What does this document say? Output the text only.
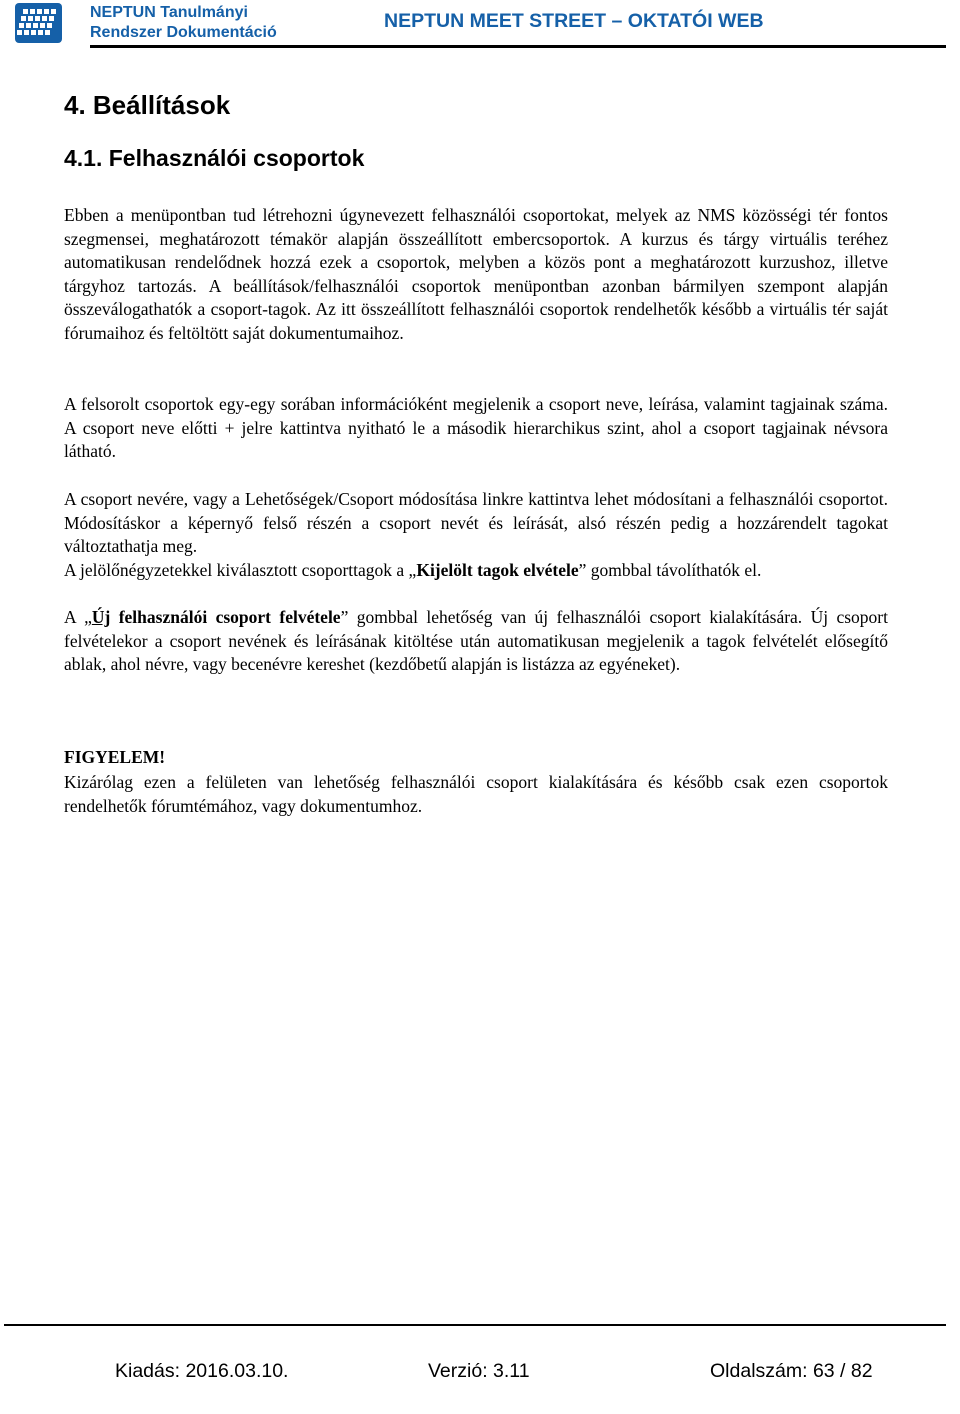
NEPTUN Tanulmányi
Rendszer Dokumentáció
NEPTUN MEET STREET – OKTATÓI WEB
4. Beállítások
4.1. Felhasználói csoportok

Ebben a menüpontban tud létrehozni úgynevezett felhasználói csoportokat, melyek az NMS közösségi tér fontos szegmensei, meghatározott témakör alapján összeállított embercsoportok. A kurzus és tárgy virtuális teréhez automatikusan rendelődnek hozzá ezek a csoportok, melyben a közös pont a meghatározott kurzushoz, illetve tárgyhoz tartozás. A beállítások/felhasználói csoportok menüpontban azonban bármilyen szempont alapján összeválogathatók a csoport-tagok. Az itt összeállított felhasználói csoportok rendelhetők később a virtuális tér saját fórumaihoz és feltöltött saját dokumentumaihoz.

A felsorolt csoportok egy-egy sorában információként megjelenik a csoport neve, leírása, valamint tagjainak száma. A csoport neve előtti + jelre kattintva nyitható le a második hierarchikus szint, ahol a csoport tagjainak névsora látható.

A csoport nevére, vagy a Lehetőségek/Csoport módosítása linkre kattintva lehet módosítani a felhasználói csoportot. Módosításkor a képernyő felső részén a csoport nevét és leírását, alsó részén pedig a hozzárendelt tagokat változtathatja meg.

A jelölőnégyzetekkel kiválasztott csoporttagok a „Kijelölt tagok elvétele” gombbal távolíthatók el.

A „Új felhasználói csoport felvétele” gombbal lehetőség van új felhasználói csoport kialakítására. Új csoport felvételekor a csoport nevének és leírásának kitöltése után automatikusan megjelenik a tagok felvételét elősegítő ablak, ahol névre, vagy becenévre kereshet (kezdőbetű alapján is listázza az egyéneket).

FIGYELEM!

Kizárólag ezen a felületen van lehetőség felhasználói csoport kialakítására és később csak ezen csoportok rendelhetők fórumtémához, vagy dokumentumhoz.

Kiadás: 2016.03.10.	Verzió: 3.11	Oldalszám: 63 / 82
